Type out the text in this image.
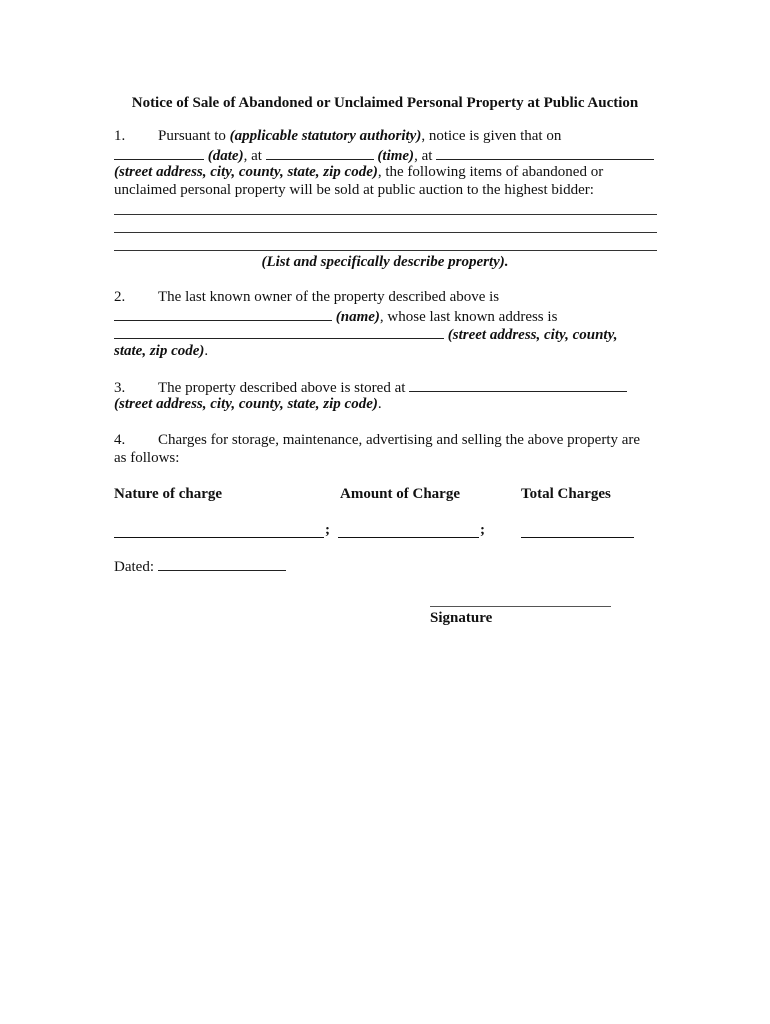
Notice of Sale of Abandoned or Unclaimed Personal Property at Public Auction
1. Pursuant to (applicable statutory authority), notice is given that on
(date), at	(time), at
(street address, city, county, state, zip code), the following items of abandoned or
unclaimed personal property will be sold at public auction to the highest bidder:
(List and specifically describe property).
2. The last known owner of the property described above is
(name), whose last known address is
(street address, city, county,
state, zip code).
3. The property described above is stored at
(street address, city, county, state, zip code).
4. Charges for storage, maintenance, advertising and selling the above property are
as follows:
Nature of charge	Amount of Charge	Total Charges
;	;
Dated:
Signature
